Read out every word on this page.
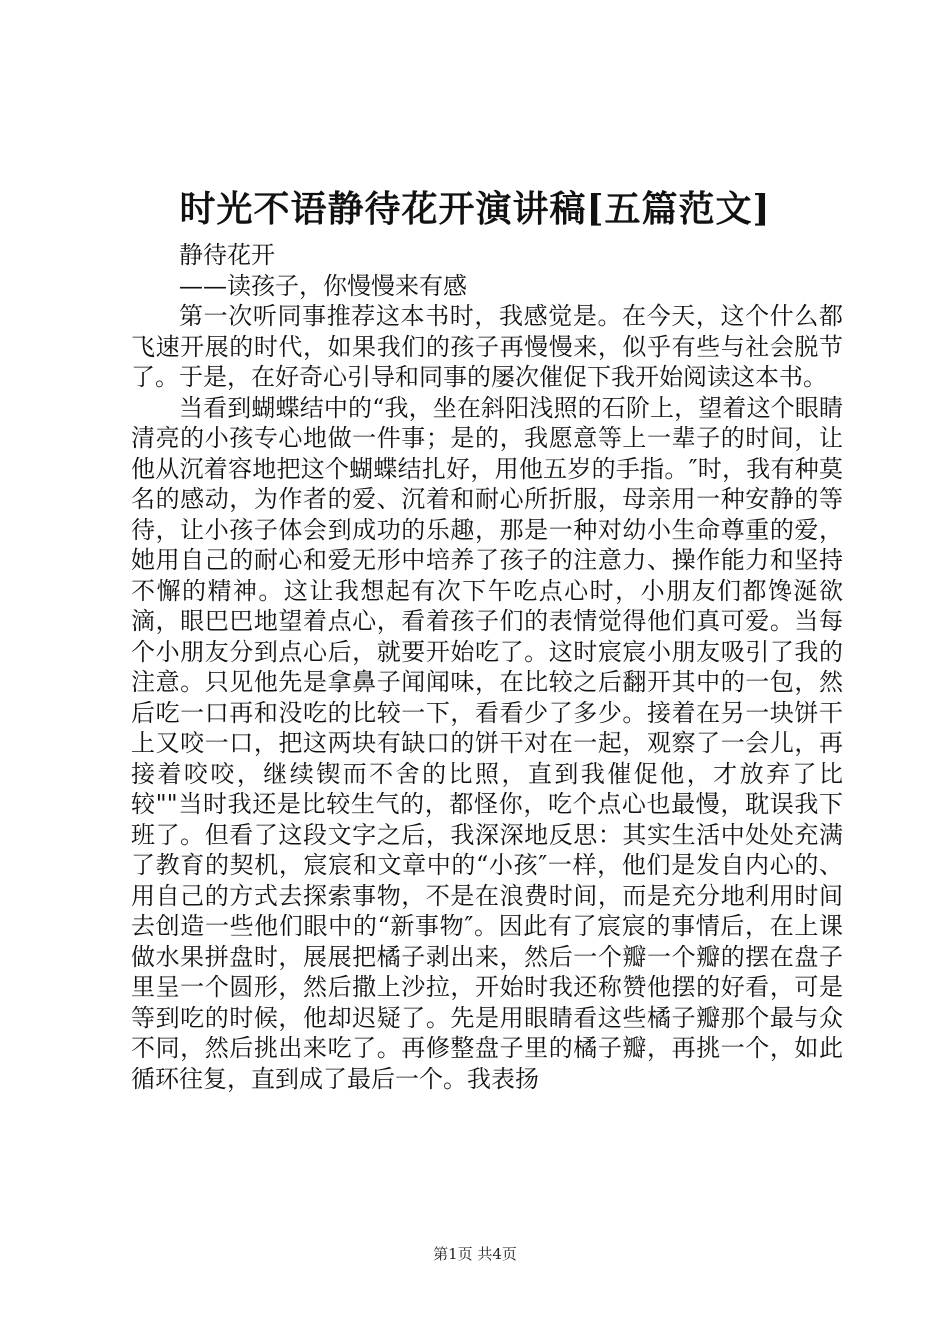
时光不语静待花开演讲稿[五篇范文]

静待花开

——读孩子，你慢慢来有感

第一次听同事推荐这本书时，我感觉是。在今天，这个什么都飞速开展的时代，如果我们的孩子再慢慢来，似乎有些与社会脱节了。于是，在好奇心引导和同事的屡次催促下我开始阅读这本书。

当看到蝴蝶结中的“我，坐在斜阳浅照的石阶上，望着这个眼睛清亮的小孩专心地做一件事；是的，我愿意等上一辈子的时间，让他从沉着容地把这个蝴蝶结扎好，用他五岁的手指。″时，我有种莫名的感动，为作者的爱、沉着和耐心所折服，母亲用一种安静的等待，让小孩子体会到成功的乐趣，那是一种对幼小生命尊重的爱，她用自己的耐心和爱无形中培养了孩子的注意力、操作能力和坚持不懈的精神。这让我想起有次下午吃点心时，小朋友们都馋涎欲滴，眼巴巴地望着点心，看着孩子们的表情觉得他们真可爱。当每个小朋友分到点心后，就要开始吃了。这时宸宸小朋友吸引了我的注意。只见他先是拿鼻子闻闻味，在比较之后翻开其中的一包，然后吃一口再和没吃的比较一下，看看少了多少。接着在另一块饼干上又咬一口，把这两块有缺口的饼干对在一起，观察了一会儿，再接着咬咬，继续锲而不舍的比照，直到我催促他，才放弃了比较""当时我还是比较生气的，都怪你，吃个点心也最慢，耽误我下班了。但看了这段文字之后，我深深地反思：其实生活中处处充满了教育的契机，宸宸和文章中的“小孩″一样，他们是发自内心的、用自己的方式去探索事物，不是在浪费时间，而是充分地利用时间去创造一些他们眼中的“新事物″。因此有了宸宸的事情后，在上课做水果拼盘时，展展把橘子剥出来，然后一个瓣一个瓣的摆在盘子里呈一个圆形，然后撒上沙拉，开始时我还称赞他摆的好看，可是等到吃的时候，他却迟疑了。先是用眼睛看这些橘子瓣那个最与众不同，然后挑出来吃了。再修整盘子里的橘子瓣，再挑一个，如此循环往复，直到成了最后一个。我表扬

第1页 共4页
